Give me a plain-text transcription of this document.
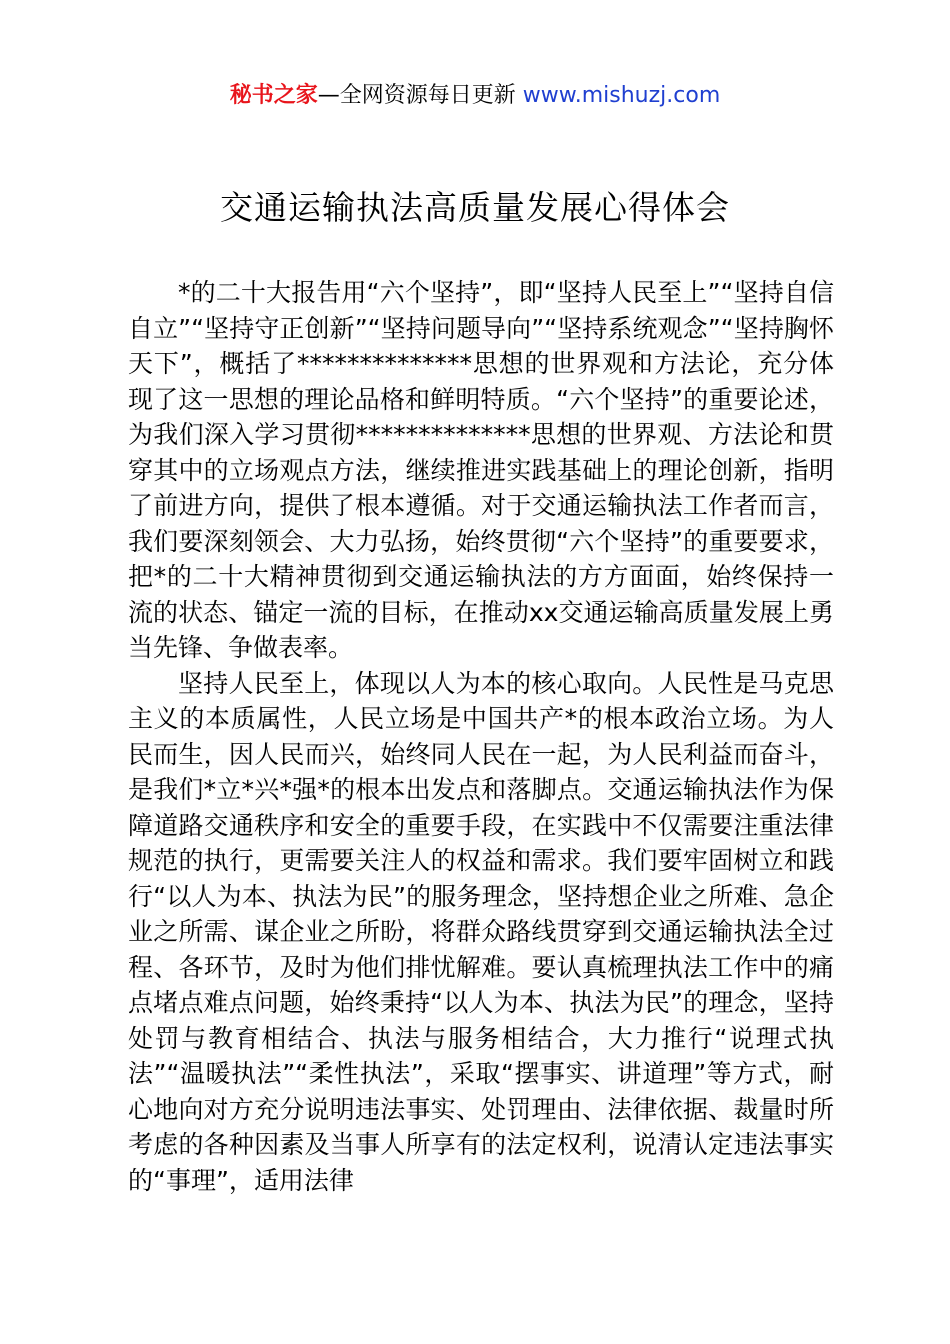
秘书之家—全网资源每日更新 www.mishuzj.com
交通运输执法高质量发展心得体会

*的二十大报告用“六个坚持”，即“坚持人民至上”“坚持自信自立”“坚持守正创新”“坚持问题导向”“坚持系统观念”“坚持胸怀天下”，概括了**************思想的世界观和方法论，充分体现了这一思想的理论品格和鲜明特质。“六个坚持”的重要论述，为我们深入学习贯彻**************思想的世界观、方法论和贯穿其中的立场观点方法，继续推进实践基础上的理论创新，指明了前进方向，提供了根本遵循。对于交通运输执法工作者而言，我们要深刻领会、大力弘扬，始终贯彻“六个坚持”的重要要求，把*的二十大精神贯彻到交通运输执法的方方面面，始终保持一流的状态、锚定一流的目标，在推动xx交通运输高质量发展上勇当先锋、争做表率。

坚持人民至上，体现以人为本的核心取向。人民性是马克思主义的本质属性，人民立场是中国共产*的根本政治立场。为人民而生，因人民而兴，始终同人民在一起，为人民利益而奋斗，是我们*立*兴*强*的根本出发点和落脚点。交通运输执法作为保障道路交通秩序和安全的重要手段，在实践中不仅需要注重法律规范的执行，更需要关注人的权益和需求。我们要牢固树立和践行“以人为本、执法为民”的服务理念，坚持想企业之所难、急企业之所需、谋企业之所盼，将群众路线贯穿到交通运输执法全过程、各环节，及时为他们排忧解难。要认真梳理执法工作中的痛点堵点难点问题，始终秉持“以人为本、执法为民”的理念，坚持处罚与教育相结合、执法与服务相结合，大力推行“说理式执法”“温暖执法”“柔性执法”，采取“摆事实、讲道理”等方式，耐心地向对方充分说明违法事实、处罚理由、法律依据、裁量时所考虑的各种因素及当事人所享有的法定权利，说清认定违法事实的“事理”，适用法律
